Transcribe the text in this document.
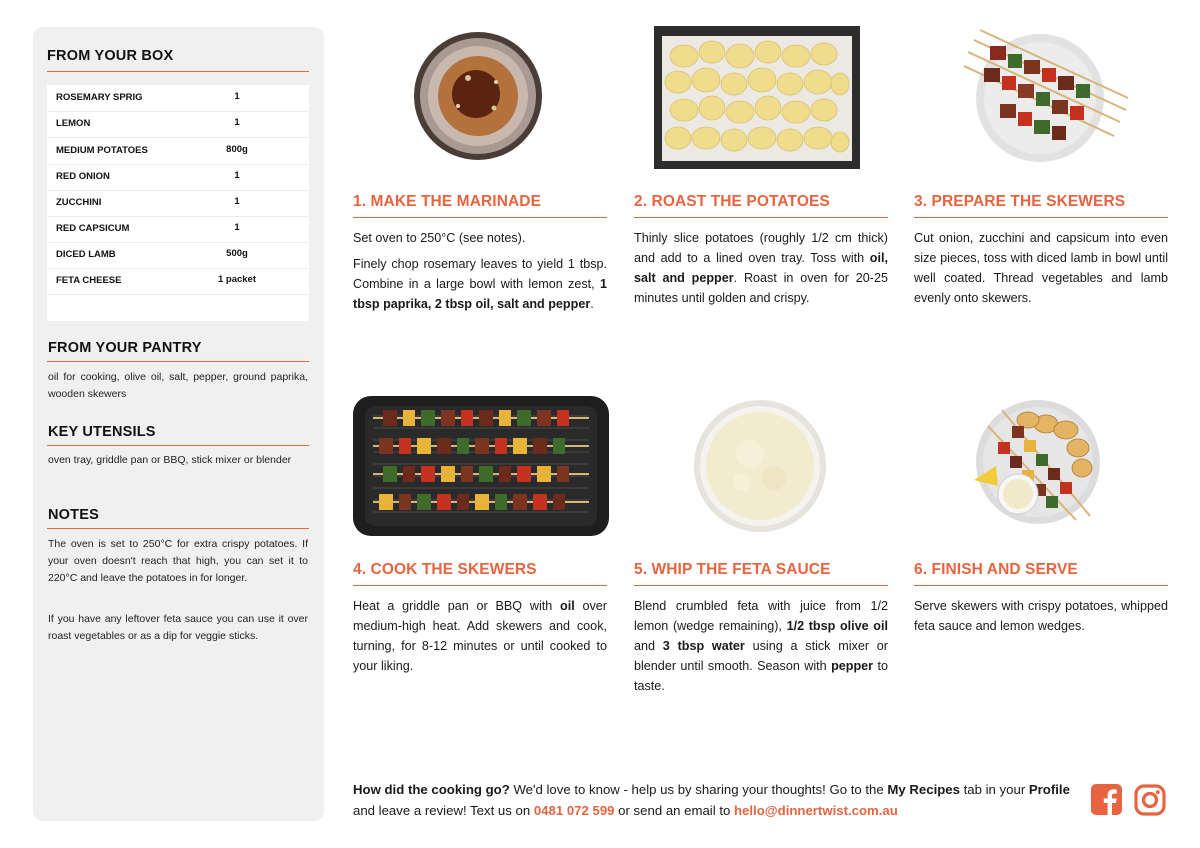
FROM YOUR BOX
ROSEMARY SPRIG	1
LEMON	1
MEDIUM POTATOES	800g
RED ONION	1
ZUCCHINI	1
RED CAPSICUM	1
DICED LAMB	500g
FETA CHEESE	1 packet
FROM YOUR PANTRY
oil for cooking, olive oil, salt, pepper, ground paprika, wooden skewers
KEY UTENSILS
oven tray, griddle pan or BBQ, stick mixer or blender
NOTES
The oven is set to 250°C for extra crispy potatoes. If your oven doesn't reach that high, you can set it to 220°C and leave the potatoes in for longer.
If you have any leftover feta sauce you can use it over roast vegetables or as a dip for veggie sticks.
1. MAKE THE MARINADE

Set oven to 250°C (see notes).

Finely chop rosemary leaves to yield 1 tbsp. Combine in a large bowl with lemon zest, 1 tbsp paprika, 2 tbsp oil, salt and pepper.

2. ROAST THE POTATOES

Thinly slice potatoes (roughly 1/2 cm thick) and add to a lined oven tray. Toss with oil, salt and pepper. Roast in oven for 20-25 minutes until golden and crispy.

3. PREPARE THE SKEWERS

Cut onion, zucchini and capsicum into even size pieces, toss with diced lamb in bowl until well coated. Thread vegetables and lamb evenly onto skewers.

4. COOK THE SKEWERS

Heat a griddle pan or BBQ with oil over medium-high heat. Add skewers and cook, turning, for 8-12 minutes or until cooked to your liking.

5. WHIP THE FETA SAUCE

Blend crumbled feta with juice from 1/2 lemon (wedge remaining), 1/2 tbsp olive oil and 3 tbsp water using a stick mixer or blender until smooth. Season with pepper to taste.

6. FINISH AND SERVE

Serve skewers with crispy potatoes, whipped feta sauce and lemon wedges.

How did the cooking go? We'd love to know - help us by sharing your thoughts! Go to the My Recipes tab in your Profile and leave a review! Text us on 0481 072 599 or send an email to hello@dinnertwist.com.au
